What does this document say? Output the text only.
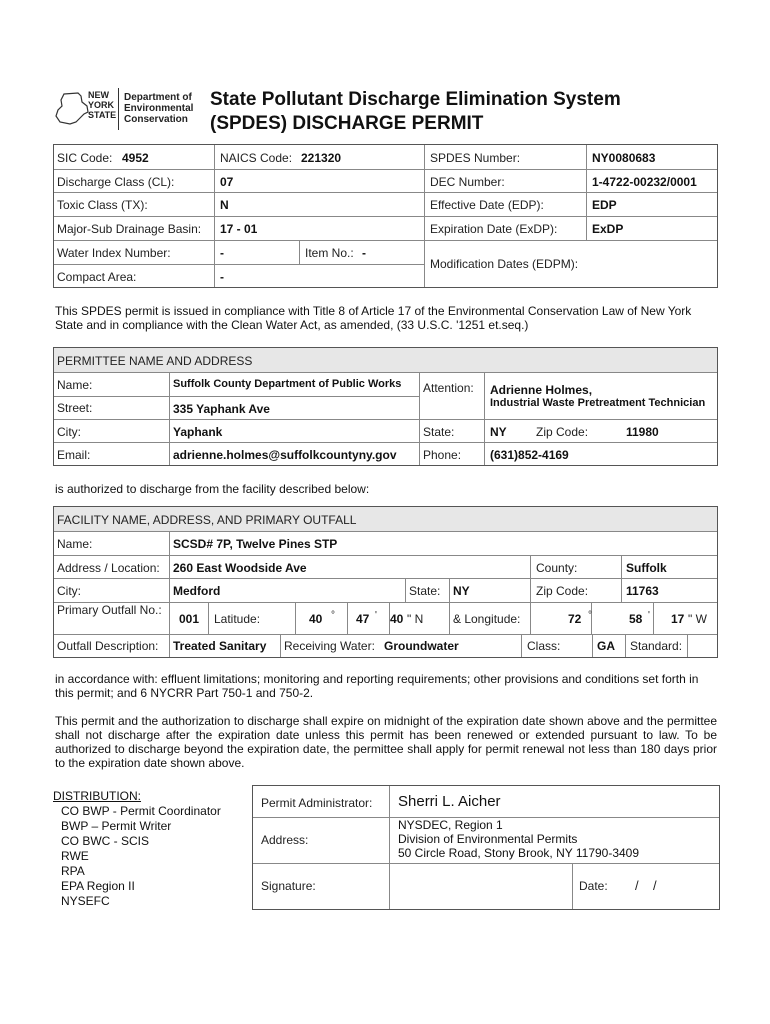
NEW
YORK
STATE
Department of
Environmental
Conservation
State Pollutant Discharge Elimination System
(SPDES) DISCHARGE PERMIT
SIC Code: 4952	NAICS Code: 221320	SPDES Number:	NY0080683
Discharge Class (CL):	07	DEC Number:	1-4722-00232/0001
Toxic Class (TX):	N	Effective Date (EDP):	EDP
Major-Sub Drainage Basin: 17 - 01	Expiration Date (ExDP):	ExDP
Water Index Number:	-	Item No.: -
Modification Dates (EDPM):
Compact Area:	-
This SPDES permit is issued in compliance with Title 8 of Article 17 of the Environmental Conservation Law of New York State and in compliance with the Clean Water Act, as amended, (33 U.S.C. '1251 et.seq.)
PERMITTEE NAME AND ADDRESS
Name:	Suffolk County Department of Public Works Attention: Adrienne Holmes,
Industrial Waste Pretreatment Technician
Street:	335 Yaphank Ave
City:	Yaphank	State:	NY Zip Code:	11980
Email:	adrienne.holmes@suffolkcountyny.gov Phone: (631)852-4169
is authorized to discharge from the facility described below:
FACILITY NAME, ADDRESS, AND PRIMARY OUTFALL
Name:	SCSD# 7P, Twelve Pines STP
Address / Location: 260 East Woodside Ave	County:	Suffolk
City:	Medford	State: NY	Zip Code:	11763
Primary Outfall No.:
001 Latitude:	40 ° 47 ' 40 " N & Longitude:	72 °	58 ' 17 " W
Outfall Description: Treated Sanitary Receiving Water: Groundwater	Class:	GA Standard:
in accordance with: effluent limitations; monitoring and reporting requirements; other provisions and conditions set forth in this permit; and 6 NYCRR Part 750-1 and 750-2.
This permit and the authorization to discharge shall expire on midnight of the expiration date shown above and the permittee shall not discharge after the expiration date unless this permit has been renewed or extended pursuant to law. To be authorized to discharge beyond the expiration date, the permittee shall apply for permit renewal not less than 180 days prior to the expiration date shown above.
DISTRIBUTION:
CO BWP - Permit Coordinator
BWP – Permit Writer
CO BWC - SCIS
RWE
RPA
EPA Region II
NYSEFC
Permit Administrator: Sherri L. Aicher
Address:
NYSDEC, Region 1
Division of Environmental Permits
50 Circle Road, Stony Brook, NY 11790-3409
Signature:	Date: /    /
